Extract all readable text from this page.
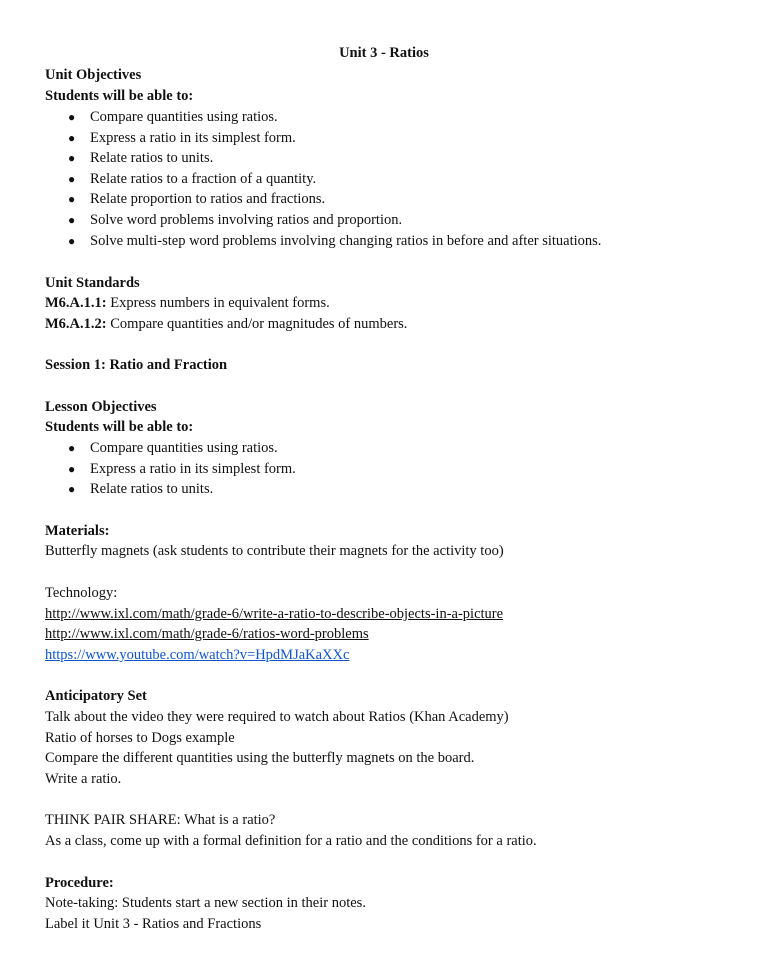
Unit 3 - Ratios
Unit Objectives
Students will be able to:
● Compare quantities using ratios.
● Express a ratio in its simplest form.
● Relate ratios to units.
● Relate ratios to a fraction of a quantity.
● Relate proportion to ratios and fractions.
● Solve word problems involving ratios and proportion.
● Solve multi-step word problems involving changing ratios in before and after situations.
Unit Standards
M6.A.1.1: Express numbers in equivalent forms.
M6.A.1.2: Compare quantities and/or magnitudes of numbers.
Session 1: Ratio and Fraction
Lesson Objectives
Students will be able to:
● Compare quantities using ratios.
● Express a ratio in its simplest form.
● Relate ratios to units.
Materials:
Butterfly magnets (ask students to contribute their magnets for the activity too)
Technology:
http://www.ixl.com/math/grade-6/write-a-ratio-to-describe-objects-in-a-picture
http://www.ixl.com/math/grade-6/ratios-word-problems
https://www.youtube.com/watch?v=HpdMJaKaXXc
Anticipatory Set
Talk about the video they were required to watch about Ratios (Khan Academy)
Ratio of horses to Dogs example
Compare the different quantities using the butterfly magnets on the board.
Write a ratio.
THINK PAIR SHARE: What is a ratio?
As a class, come up with a formal definition for a ratio and the conditions for a ratio.
Procedure:
Note-taking: Students start a new section in their notes.
Label it Unit 3 - Ratios and Fractions
